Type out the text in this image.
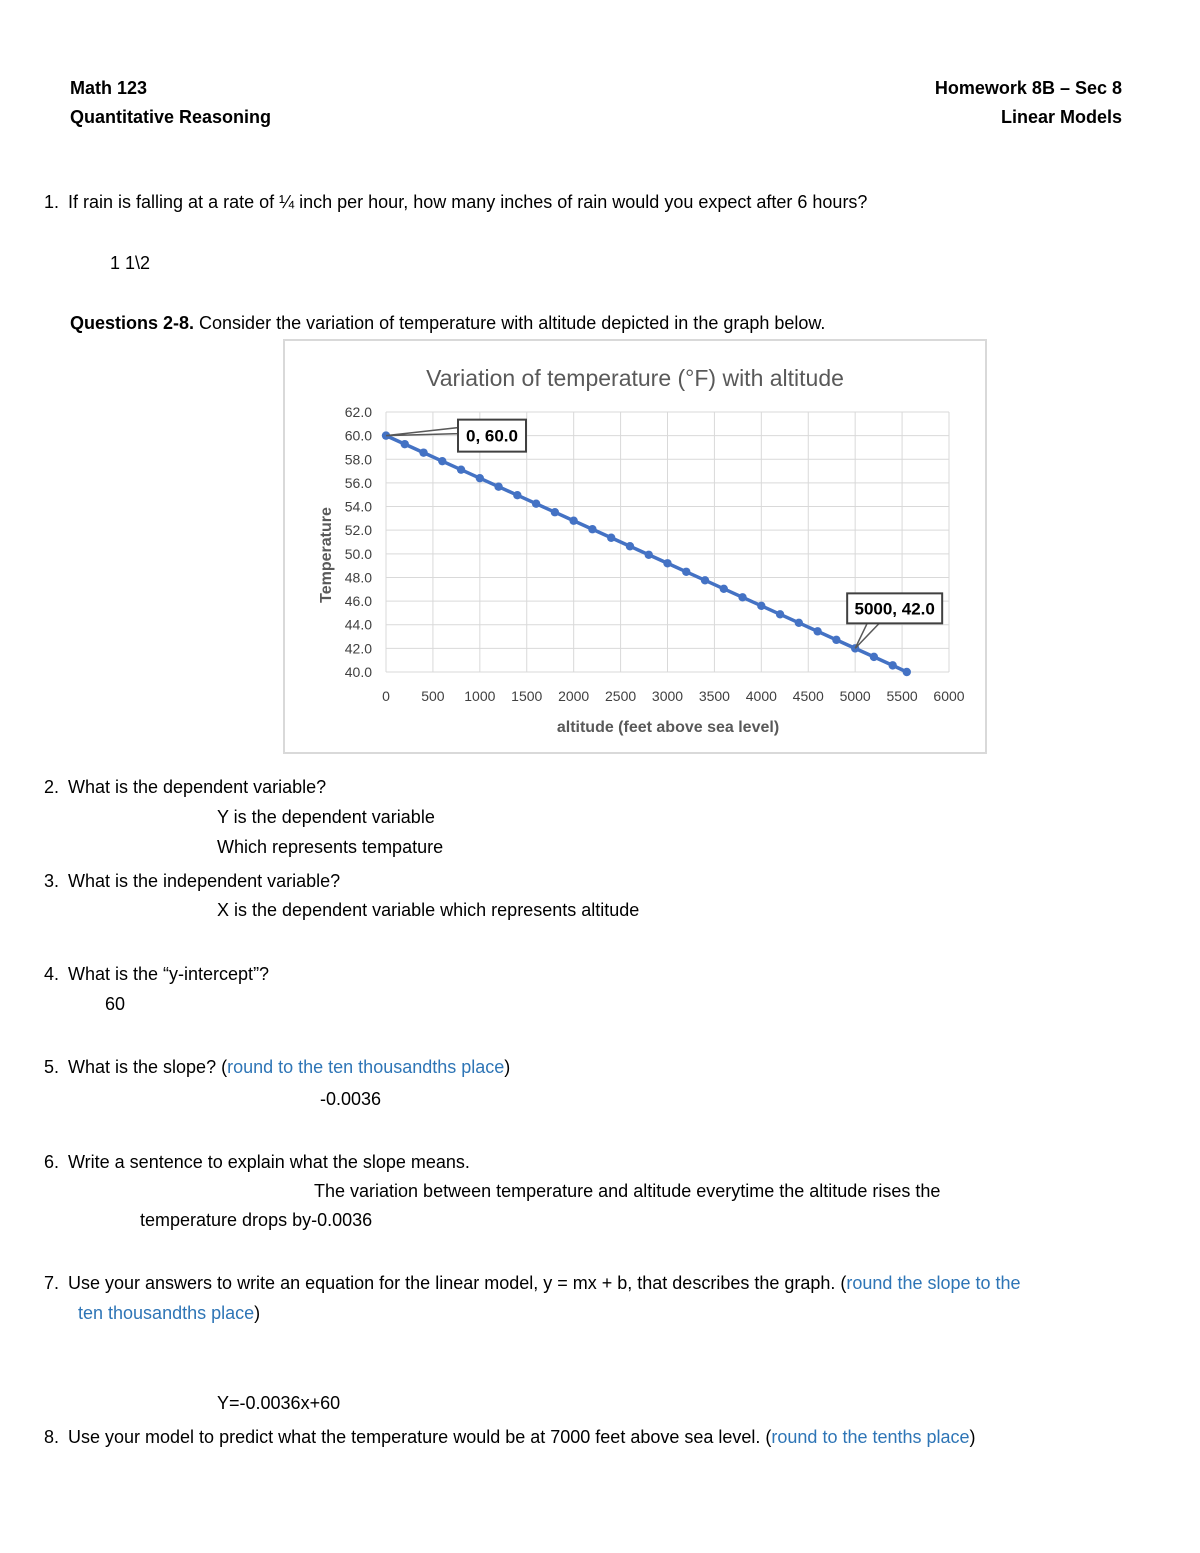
Math 123
Quantitative Reasoning
Homework 8B – Sec 8
Linear Models
1. If rain is falling at a rate of ¼ inch per hour, how many inches of rain would you expect after 6 hours?
1 1\2
Questions 2-8. Consider the variation of temperature with altitude depicted in the graph below.
Variation of temperature (°F) with altitude
62.0
60.0
58.0
56.0
54.0
52.0
50.0
48.0
46.0
44.0
42.0
40.0
0 500 1000 1500 2000 2500 3000 3500 4000 4500 5000 5500 6000
Temperature
altitude (feet above sea level)
0, 60.0
5000, 42.0
2. What is the dependent variable?
Y is the dependent variable
Which represents tempature
3. What is the independent variable?
X is the dependent variable which represents altitude
4. What is the “y-intercept”?
60
5. What is the slope? (round to the ten thousandths place)
-0.0036
6. Write a sentence to explain what the slope means.
The variation between temperature and altitude everytime the altitude rises the
temperature drops by-0.0036
7. Use your answers to write an equation for the linear model, y = mx + b, that describes the graph. (round the slope to the
ten thousandths place)
Y=-0.0036x+60
8. Use your model to predict what the temperature would be at 7000 feet above sea level. (round to the tenths place)
